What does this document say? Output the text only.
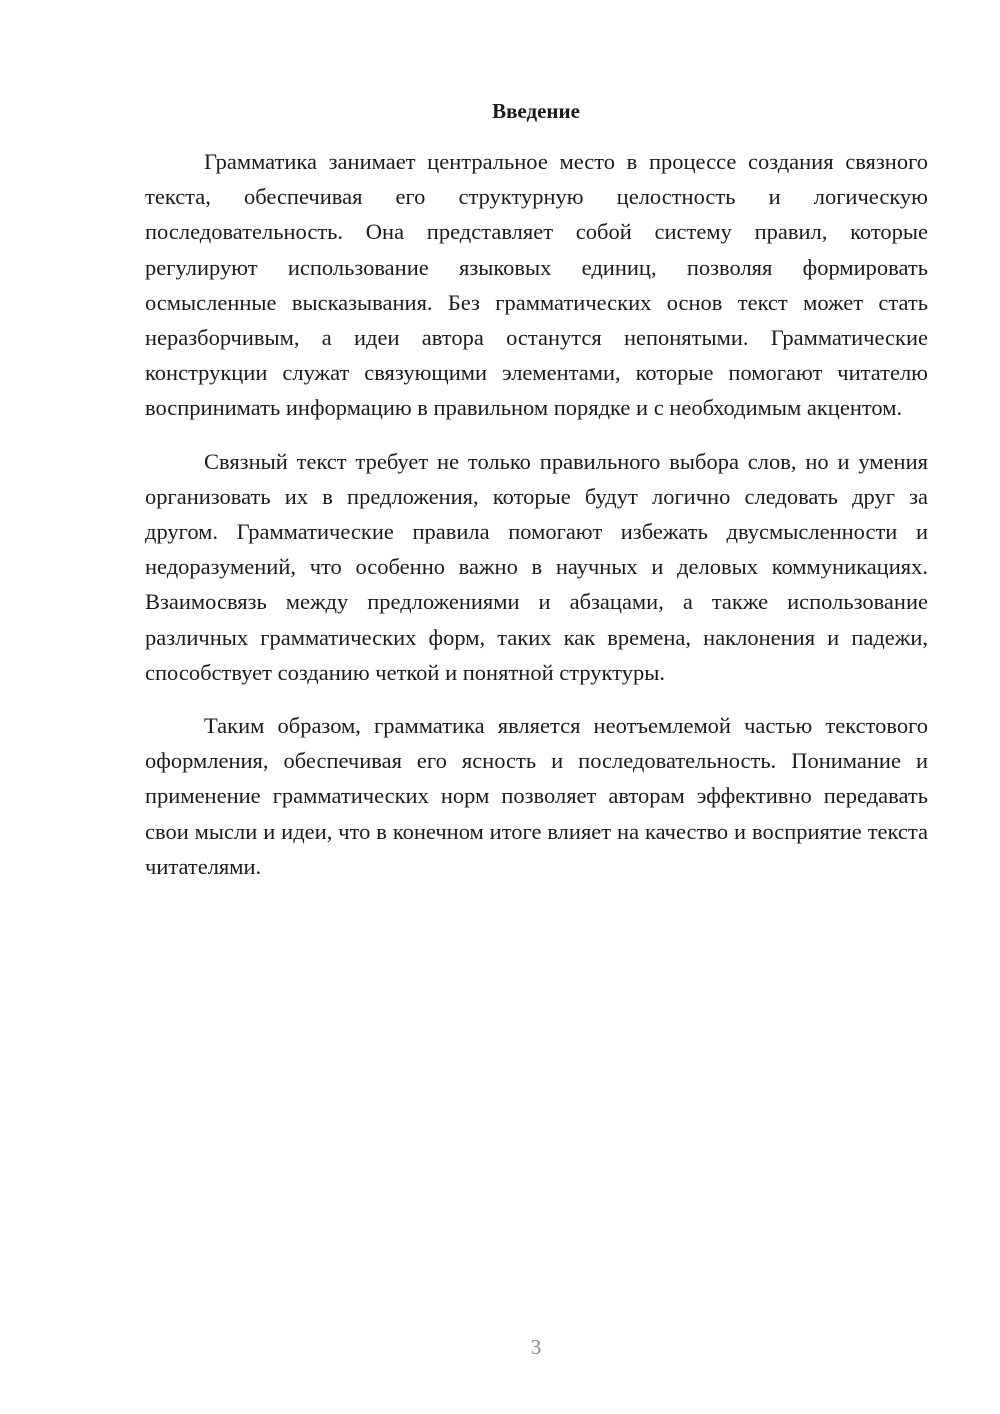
Введение

Грамматика занимает центральное место в процессе создания связного текста, обеспечивая его структурную целостность и логическую последовательность. Она представляет собой систему правил, которые регулируют использование языковых единиц, позволяя формировать осмысленные высказывания. Без грамматических основ текст может стать неразборчивым, а идеи автора останутся непонятыми. Грамматические конструкции служат связующими элементами, которые помогают читателю воспринимать информацию в правильном порядке и с необходимым акцентом.

Связный текст требует не только правильного выбора слов, но и умения организовать их в предложения, которые будут логично следовать друг за другом. Грамматические правила помогают избежать двусмысленности и недоразумений, что особенно важно в научных и деловых коммуникациях. Взаимосвязь между предложениями и абзацами, а также использование различных грамматических форм, таких как времена, наклонения и падежи, способствует созданию четкой и понятной структуры.

Таким образом, грамматика является неотъемлемой частью текстового оформления, обеспечивая его ясность и последовательность. Понимание и применение грамматических норм позволяет авторам эффективно передавать свои мысли и идеи, что в конечном итоге влияет на качество и восприятие текста читателями.

3
